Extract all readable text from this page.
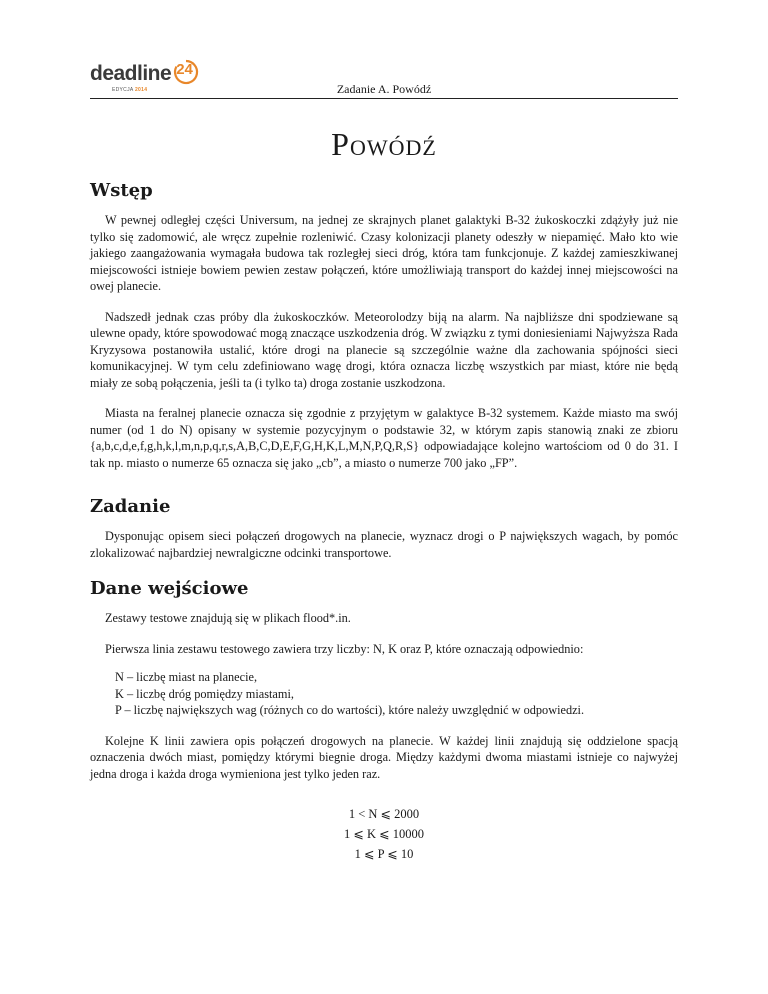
deadline 24
EDYCJA 2014	Zadanie A. Powódź
Powódź
Wstęp

W pewnej odległej części Universum, na jednej ze skrajnych planet galaktyki B-32 żukoskoczki zdążyły już nie tylko się zadomowić, ale wręcz zupełnie rozleniwić. Czasy kolonizacji planety odeszły w niepamięć. Mało kto wie jakiego zaangażowania wymagała budowa tak rozległej sieci dróg, która tam funkcjonuje. Z każdej zamieszkiwanej miejscowości istnieje bowiem pewien zestaw połączeń, które umożliwiają transport do każdej innej miejscowości na owej planecie.

Nadszedł jednak czas próby dla żukoskoczków. Meteorolodzy biją na alarm. Na najbliższe dni spodziewane są ulewne opady, które spowodować mogą znaczące uszkodzenia dróg. W związku z tymi doniesieniami Najwyższa Rada Kryzysowa postanowiła ustalić, które drogi na planecie są szczególnie ważne dla zachowania spójności sieci komunikacyjnej. W tym celu zdefiniowano wagę drogi, która oznacza liczbę wszystkich par miast, które nie będą miały ze sobą połączenia, jeśli ta (i tylko ta) droga zostanie uszkodzona.

Miasta na feralnej planecie oznacza się zgodnie z przyjętym w galaktyce B-32 systemem. Każde miasto ma swój numer (od 1 do N) opisany w systemie pozycyjnym o podstawie 32, w którym zapis stanowią znaki ze zbioru {a,b,c,d,e,f,g,h,k,l,m,n,p,q,r,s,A,B,C,D,E,F,G,H,K,L,M,N,P,Q,R,S} odpowiadające kolejno wartościom od 0 do 31. I tak np. miasto o numerze 65 oznacza się jako „cb”, a miasto o numerze 700 jako „FP”.

Zadanie

Dysponując opisem sieci połączeń drogowych na planecie, wyznacz drogi o P największych wagach, by pomóc zlokalizować najbardziej newralgiczne odcinki transportowe.

Dane wejściowe

Zestawy testowe znajdują się w plikach flood*.in.

Pierwsza linia zestawu testowego zawiera trzy liczby: N, K oraz P, które oznaczają odpowiednio:

N – liczbę miast na planecie,

K – liczbę dróg pomiędzy miastami,

P – liczbę największych wag (różnych co do wartości), które należy uwzględnić w odpowiedzi.

Kolejne K linii zawiera opis połączeń drogowych na planecie. W każdej linii znajdują się oddzielone spacją oznaczenia dwóch miast, pomiędzy którymi biegnie droga. Między każdymi dwoma miastami istnieje co najwyżej jedna droga i każda droga wymieniona jest tylko jeden raz.

1 < N ⩽ 2000
1 ⩽ K ⩽ 10000
1 ⩽ P ⩽ 10
